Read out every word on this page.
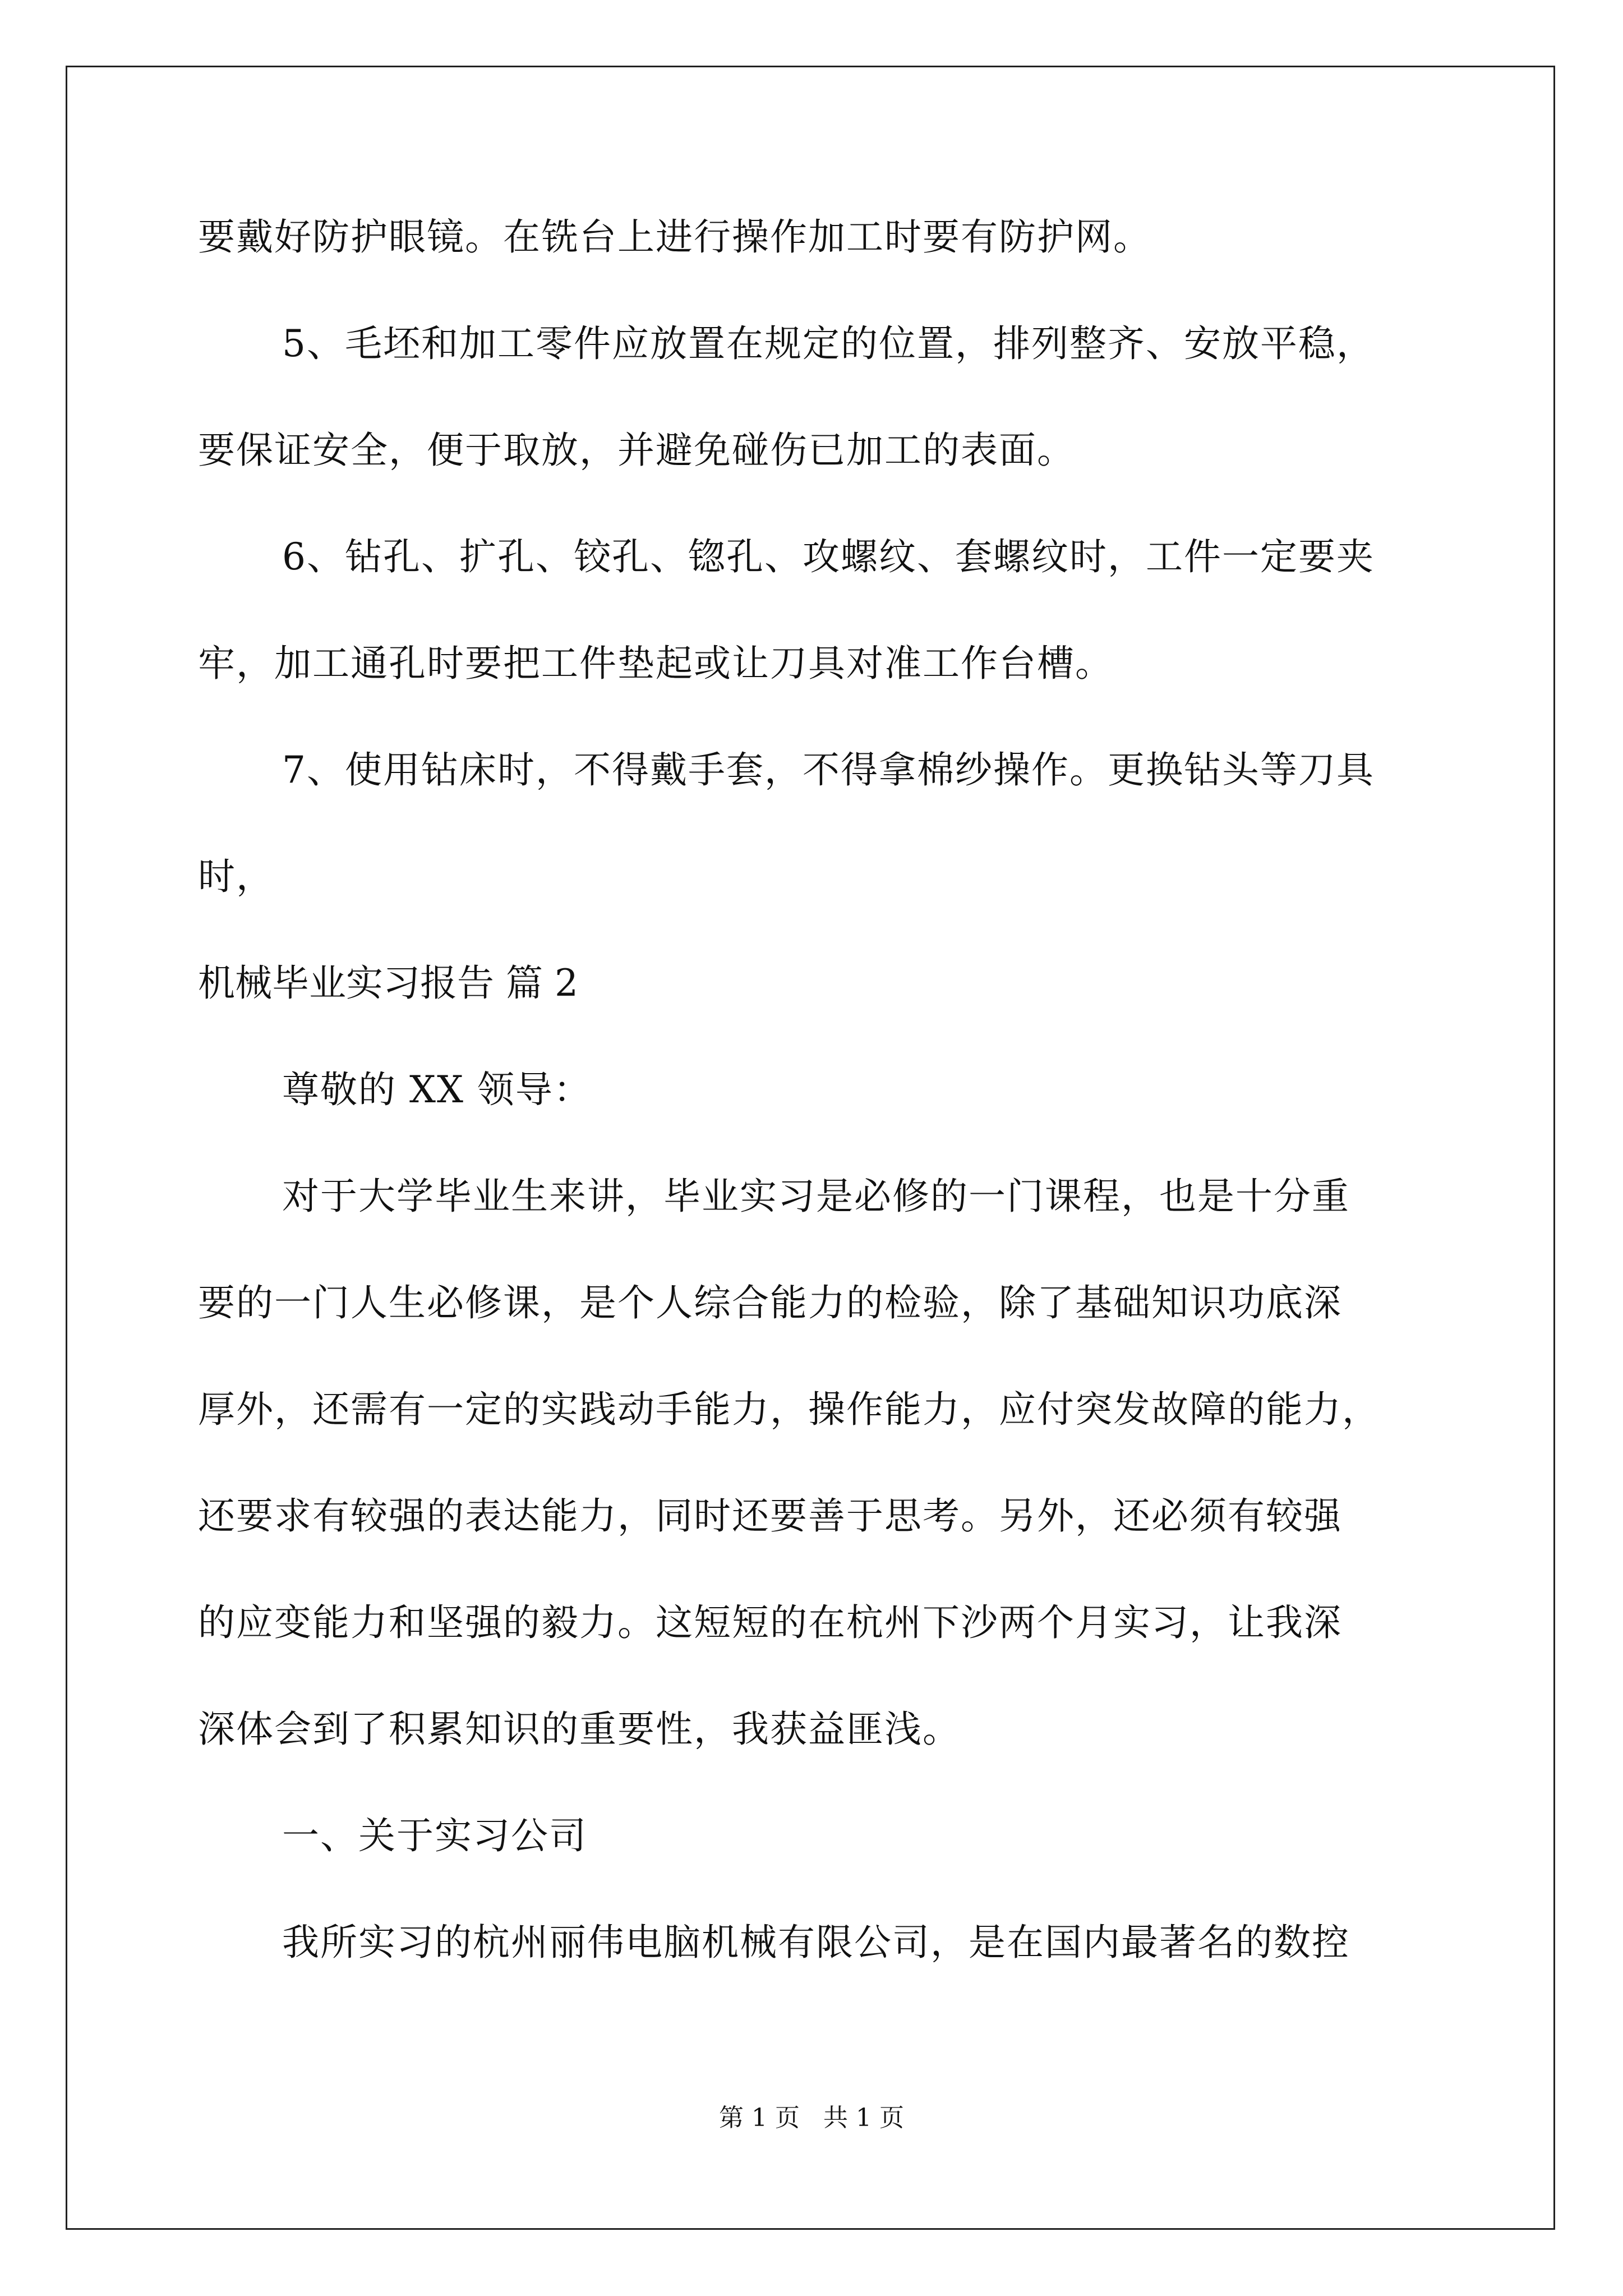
要戴好防护眼镜。在铣台上进行操作加工时要有防护网。
5、毛坯和加工零件应放置在规定的位置，排列整齐、安放平稳，
要保证安全，便于取放，并避免碰伤已加工的表面。
6、钻孔、扩孔、铰孔、锪孔、攻螺纹、套螺纹时，工件一定要夹
牢，加工通孔时要把工件垫起或让刀具对准工作台槽。
7、使用钻床时，不得戴手套，不得拿棉纱操作。更换钻头等刀具
时，
机械毕业实习报告 篇 2
尊敬的 XX 领导：
对于大学毕业生来讲，毕业实习是必修的一门课程，也是十分重
要的一门人生必修课，是个人综合能力的检验，除了基础知识功底深
厚外，还需有一定的实践动手能力，操作能力，应付突发故障的能力，
还要求有较强的表达能力，同时还要善于思考。另外，还必须有较强
的应变能力和坚强的毅力。这短短的在杭州下沙两个月实习，让我深
深体会到了积累知识的重要性，我获益匪浅。
一、关于实习公司
我所实习的杭州丽伟电脑机械有限公司，是在国内最著名的数控
第 1 页   共 1 页
